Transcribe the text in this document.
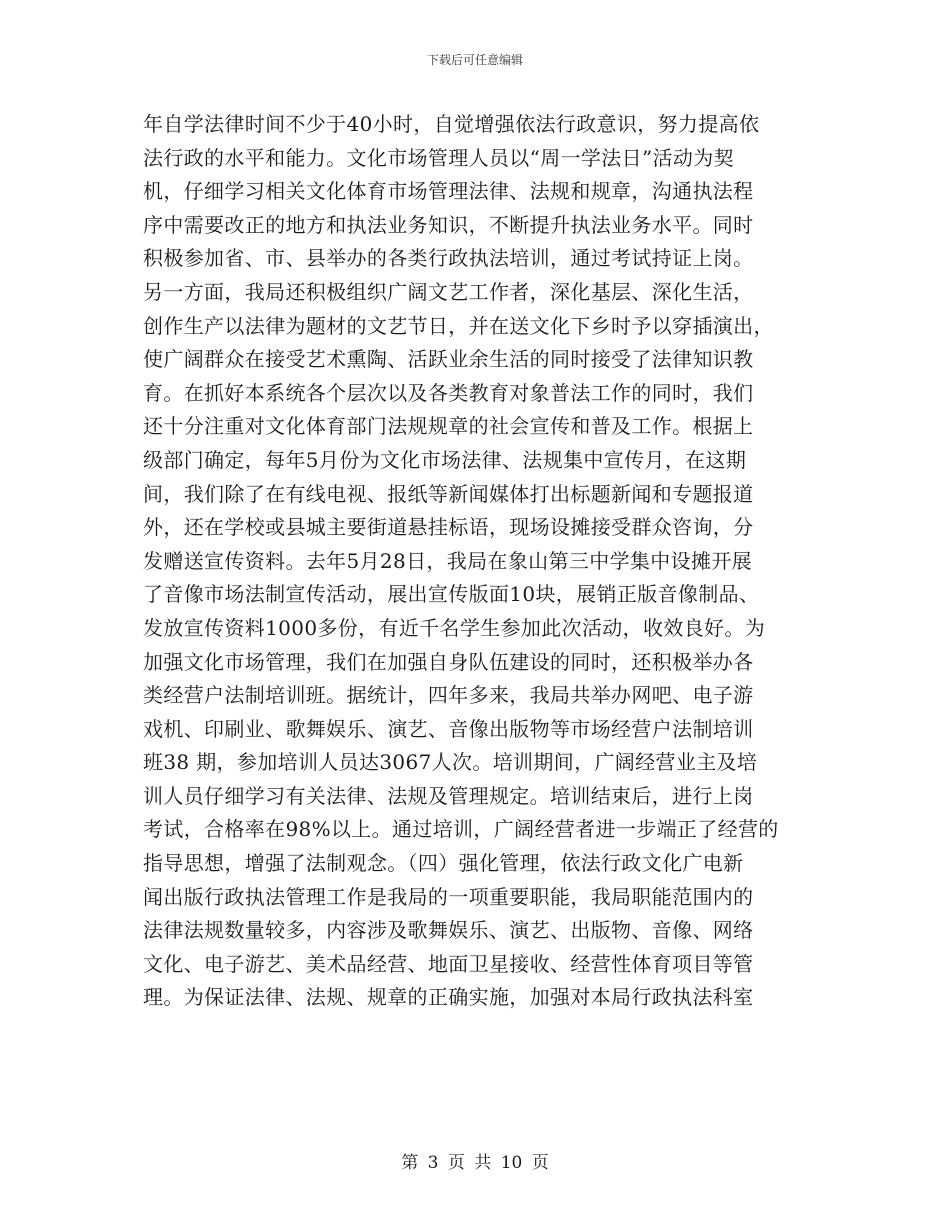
下载后可任意编辑
年自学法律时间不少于40小时，自觉增强依法行政意识，努力提高依
法行政的水平和能力。文化市场管理人员以“周一学法日”活动为契
机，仔细学习相关文化体育市场管理法律、法规和规章，沟通执法程
序中需要改正的地方和执法业务知识，不断提升执法业务水平。同时
积极参加省、市、县举办的各类行政执法培训，通过考试持证上岗。
另一方面，我局还积极组织广阔文艺工作者，深化基层、深化生活，
创作生产以法律为题材的文艺节日，并在送文化下乡时予以穿插演出，
使广阔群众在接受艺术熏陶、活跃业余生活的同时接受了法律知识教
育。在抓好本系统各个层次以及各类教育对象普法工作的同时，我们
还十分注重对文化体育部门法规规章的社会宣传和普及工作。根据上
级部门确定，每年5月份为文化市场法律、法规集中宣传月，在这期
间，我们除了在有线电视、报纸等新闻媒体打出标题新闻和专题报道
外，还在学校或县城主要街道悬挂标语，现场设摊接受群众咨询，分
发赠送宣传资料。去年5月28日，我局在象山第三中学集中设摊开展
了音像市场法制宣传活动，展出宣传版面10块，展销正版音像制品、
发放宣传资料1000多份，有近千名学生参加此次活动，收效良好。为
加强文化市场管理，我们在加强自身队伍建设的同时，还积极举办各
类经营户法制培训班。据统计，四年多来，我局共举办网吧、电子游
戏机、印刷业、歌舞娱乐、演艺、音像出版物等市场经营户法制培训
班38 期，参加培训人员达3067人次。培训期间，广阔经营业主及培
训人员仔细学习有关法律、法规及管理规定。培训结束后，进行上岗
考试，合格率在98%以上。通过培训，广阔经营者进一步端正了经营的
指导思想，增强了法制观念。（四）强化管理，依法行政文化广电新
闻出版行政执法管理工作是我局的一项重要职能，我局职能范围内的
法律法规数量较多，内容涉及歌舞娱乐、演艺、出版物、音像、网络
文化、电子游艺、美术品经营、地面卫星接收、经营性体育项目等管
理。为保证法律、法规、规章的正确实施，加强对本局行政执法科室
第 3 页 共 10 页
